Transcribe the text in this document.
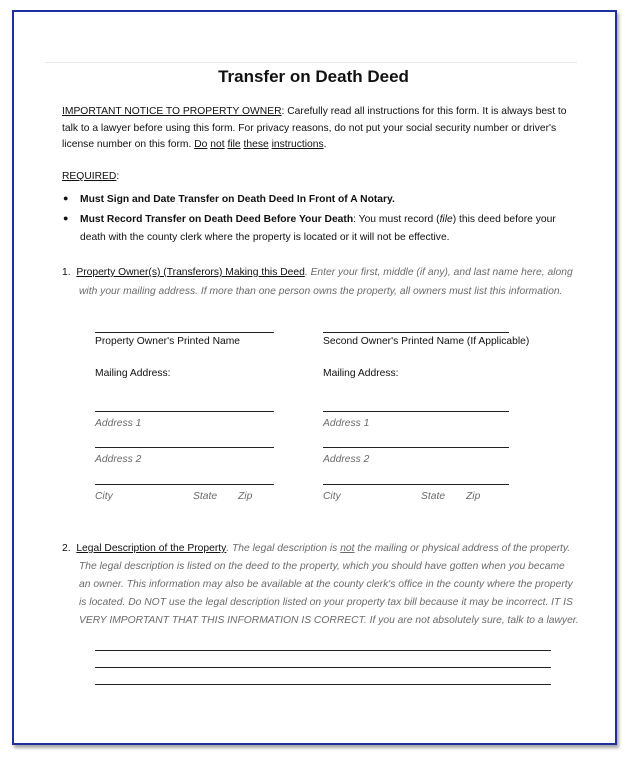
Transfer on Death Deed
IMPORTANT NOTICE TO PROPERTY OWNER: Carefully read all instructions for this form. It is always best to
talk to a lawyer before using this form. For privacy reasons, do not put your social security number or driver's
license number on this form. Do not file these instructions.
REQUIRED:
● Must Sign and Date Transfer on Death Deed In Front of A Notary.
● Must Record Transfer on Death Deed Before Your Death: You must record (file) this deed before your
death with the county clerk where the property is located or it will not be effective.
1. Property Owner(s) (Transferors) Making this Deed. Enter your first, middle (if any), and last name here, along
with your mailing address. If more than one person owns the property, all owners must list this information.
Property Owner's Printed Name
Mailing Address:
Address 1
Address 2
City	State Zip
Second Owner's Printed Name (If Applicable)
Mailing Address:
Address 1
Address 2
City	State Zip
2. Legal Description of the Property. The legal description is not the mailing or physical address of the property.
The legal description is listed on the deed to the property, which you should have gotten when you became
an owner. This information may also be available at the county clerk's office in the county where the property
is located. Do NOT use the legal description listed on your property tax bill because it may be incorrect. IT IS
VERY IMPORTANT THAT THIS INFORMATION IS CORRECT. If you are not absolutely sure, talk to a lawyer.
